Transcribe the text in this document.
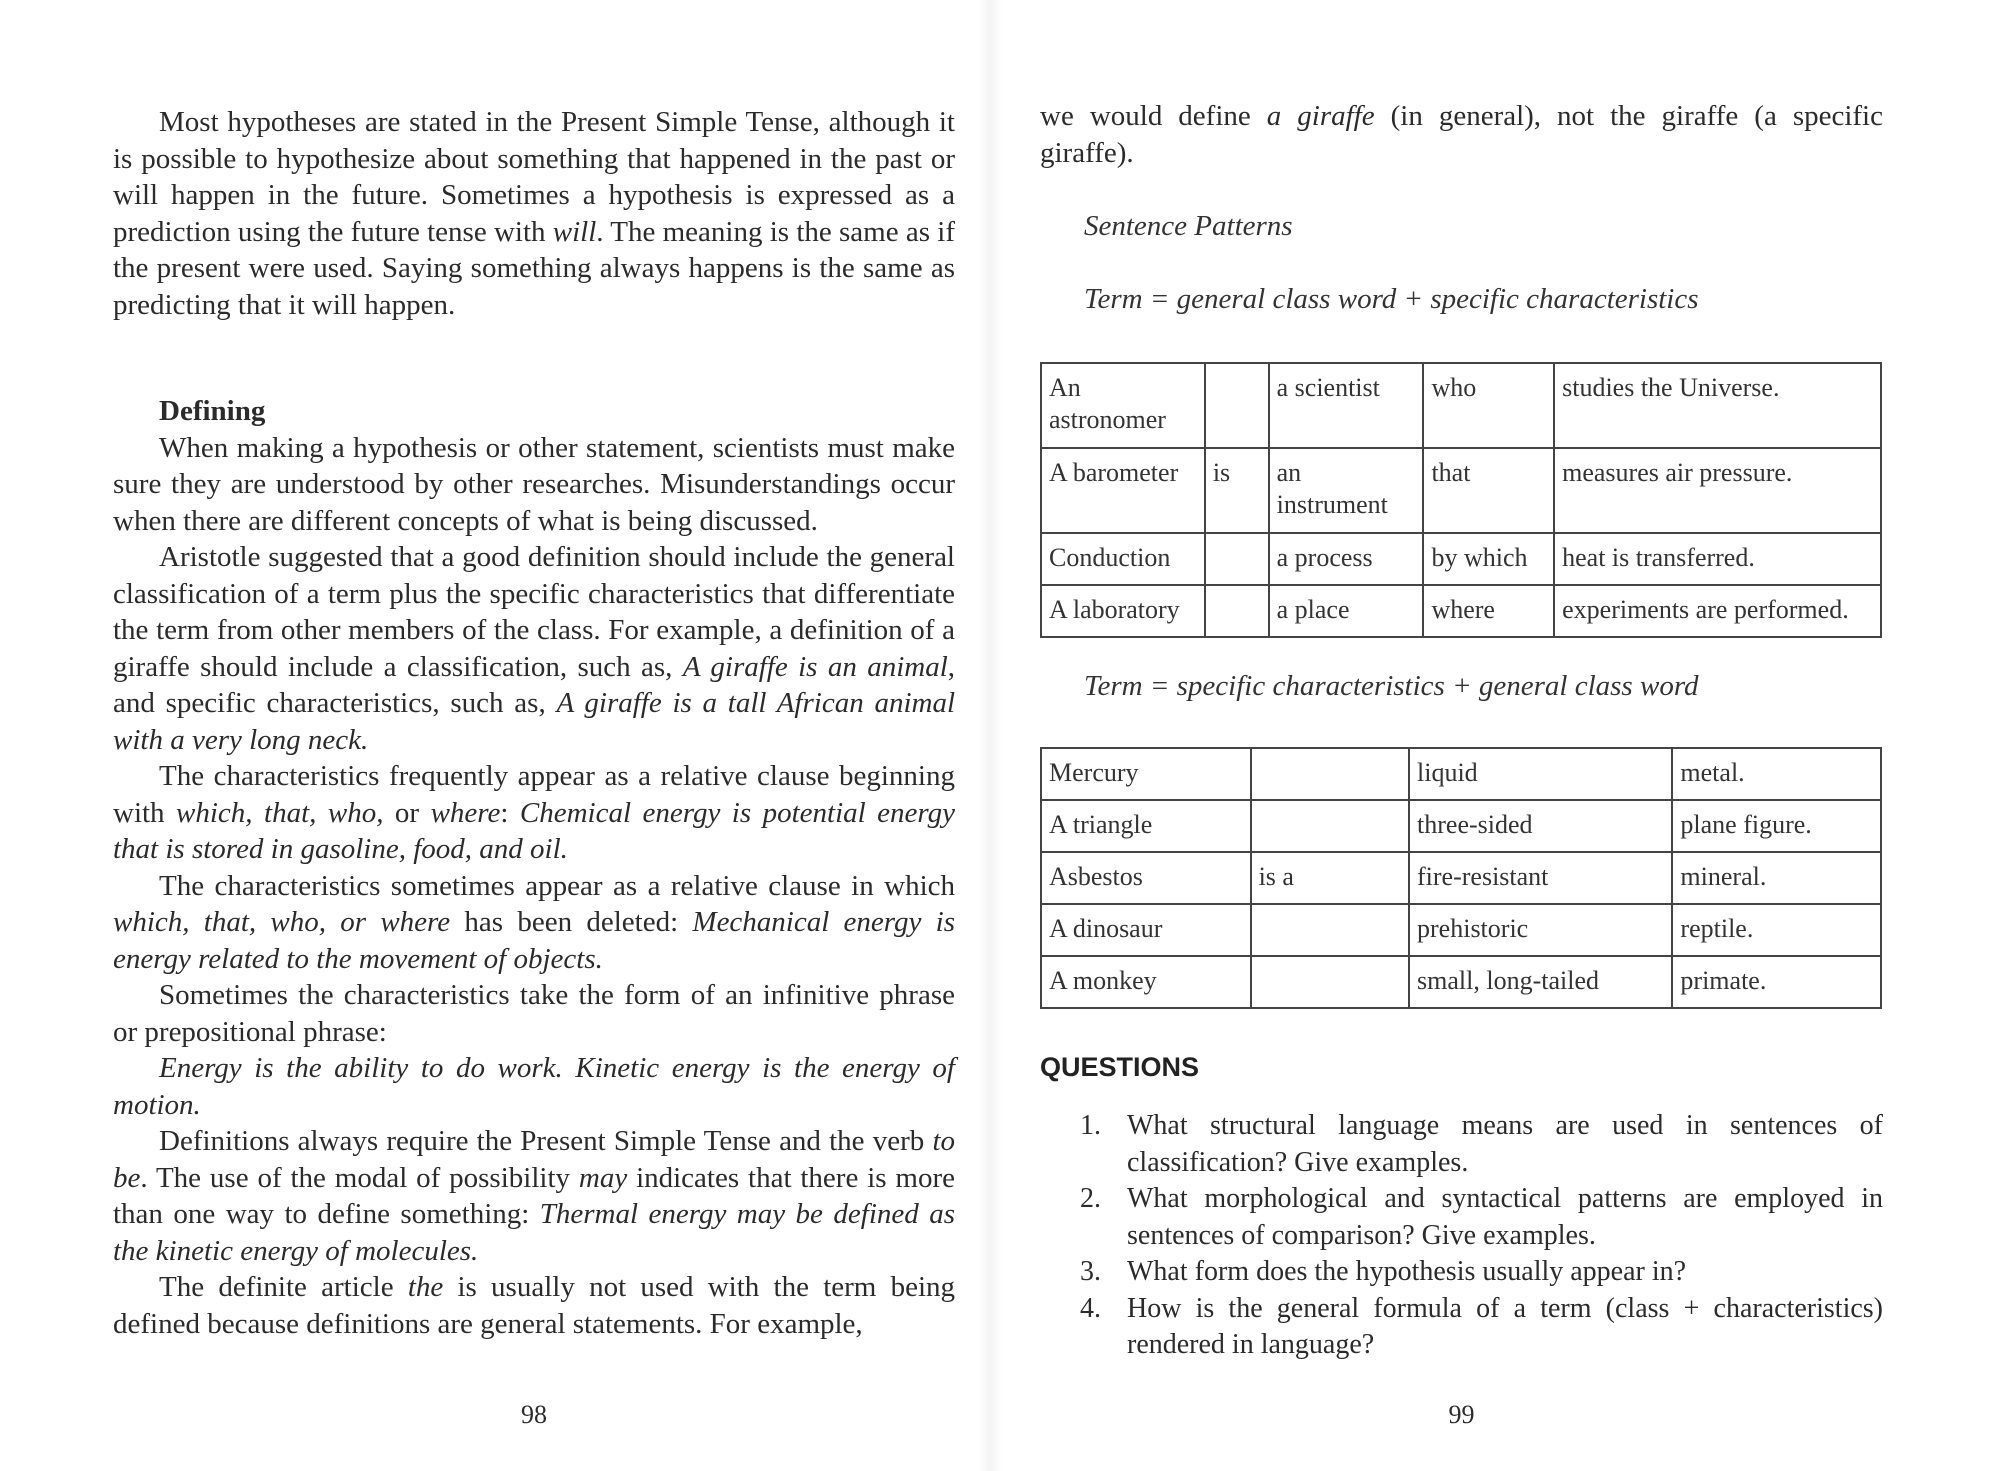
Most hypotheses are stated in the Present Simple Tense, although it is possible to hypothesize about something that happened in the past or will happen in the future. Sometimes a hypothesis is expressed as a prediction using the future tense with will. The meaning is the same as if the present were used. Saying something always happens is the same as predicting that it will happen.

Defining

When making a hypothesis or other statement, scientists must make sure they are understood by other researches. Misunderstandings occur when there are different concepts of what is being discussed.

Aristotle suggested that a good definition should include the general classification of a term plus the specific characteristics that differentiate the term from other members of the class. For example, a definition of a giraffe should include a classification, such as, A giraffe is an animal, and specific characteristics, such as, A giraffe is a tall African animal with a very long neck.

The characteristics frequently appear as a relative clause beginning with which, that, who, or where: Chemical energy is potential energy that is stored in gasoline, food, and oil.

The characteristics sometimes appear as a relative clause in which which, that, who, or where has been deleted: Mechanical energy is energy related to the movement of objects.

Sometimes the characteristics take the form of an infinitive phrase or prepositional phrase:

Energy is the ability to do work. Kinetic energy is the energy of motion.

Definitions always require the Present Simple Tense and the verb to be. The use of the modal of possibility may indicates that there is more than one way to define something: Thermal energy may be defined as the kinetic energy of molecules.

The definite article the is usually not used with the term being defined because definitions are general statements. For example,

98

we would define a giraffe (in general), not the giraffe (a specific giraffe).

Sentence Patterns
Term = general class word + specific characteristics
An astronomer		a scientist	who	studies the Universe.
A barometer	is	an instrument	that	measures air pressure.
Conduction		a process	by which	heat is transferred.
A laboratory		a place	where	experiments are performed.
Term = specific characteristics + general class word
Mercury		liquid	metal.
A triangle		three-sided	plane figure.
Asbestos	is a	fire-resistant	mineral.
A dinosaur		prehistoric	reptile.
A monkey		small, long-tailed	primate.
QUESTIONS
1. What structural language means are used in sentences of classification? Give examples.
2. What morphological and syntactical patterns are employed in sentences of comparison? Give examples.
3. What form does the hypothesis usually appear in?
4. How is the general formula of a term (class + characteristics) rendered in language?
99
